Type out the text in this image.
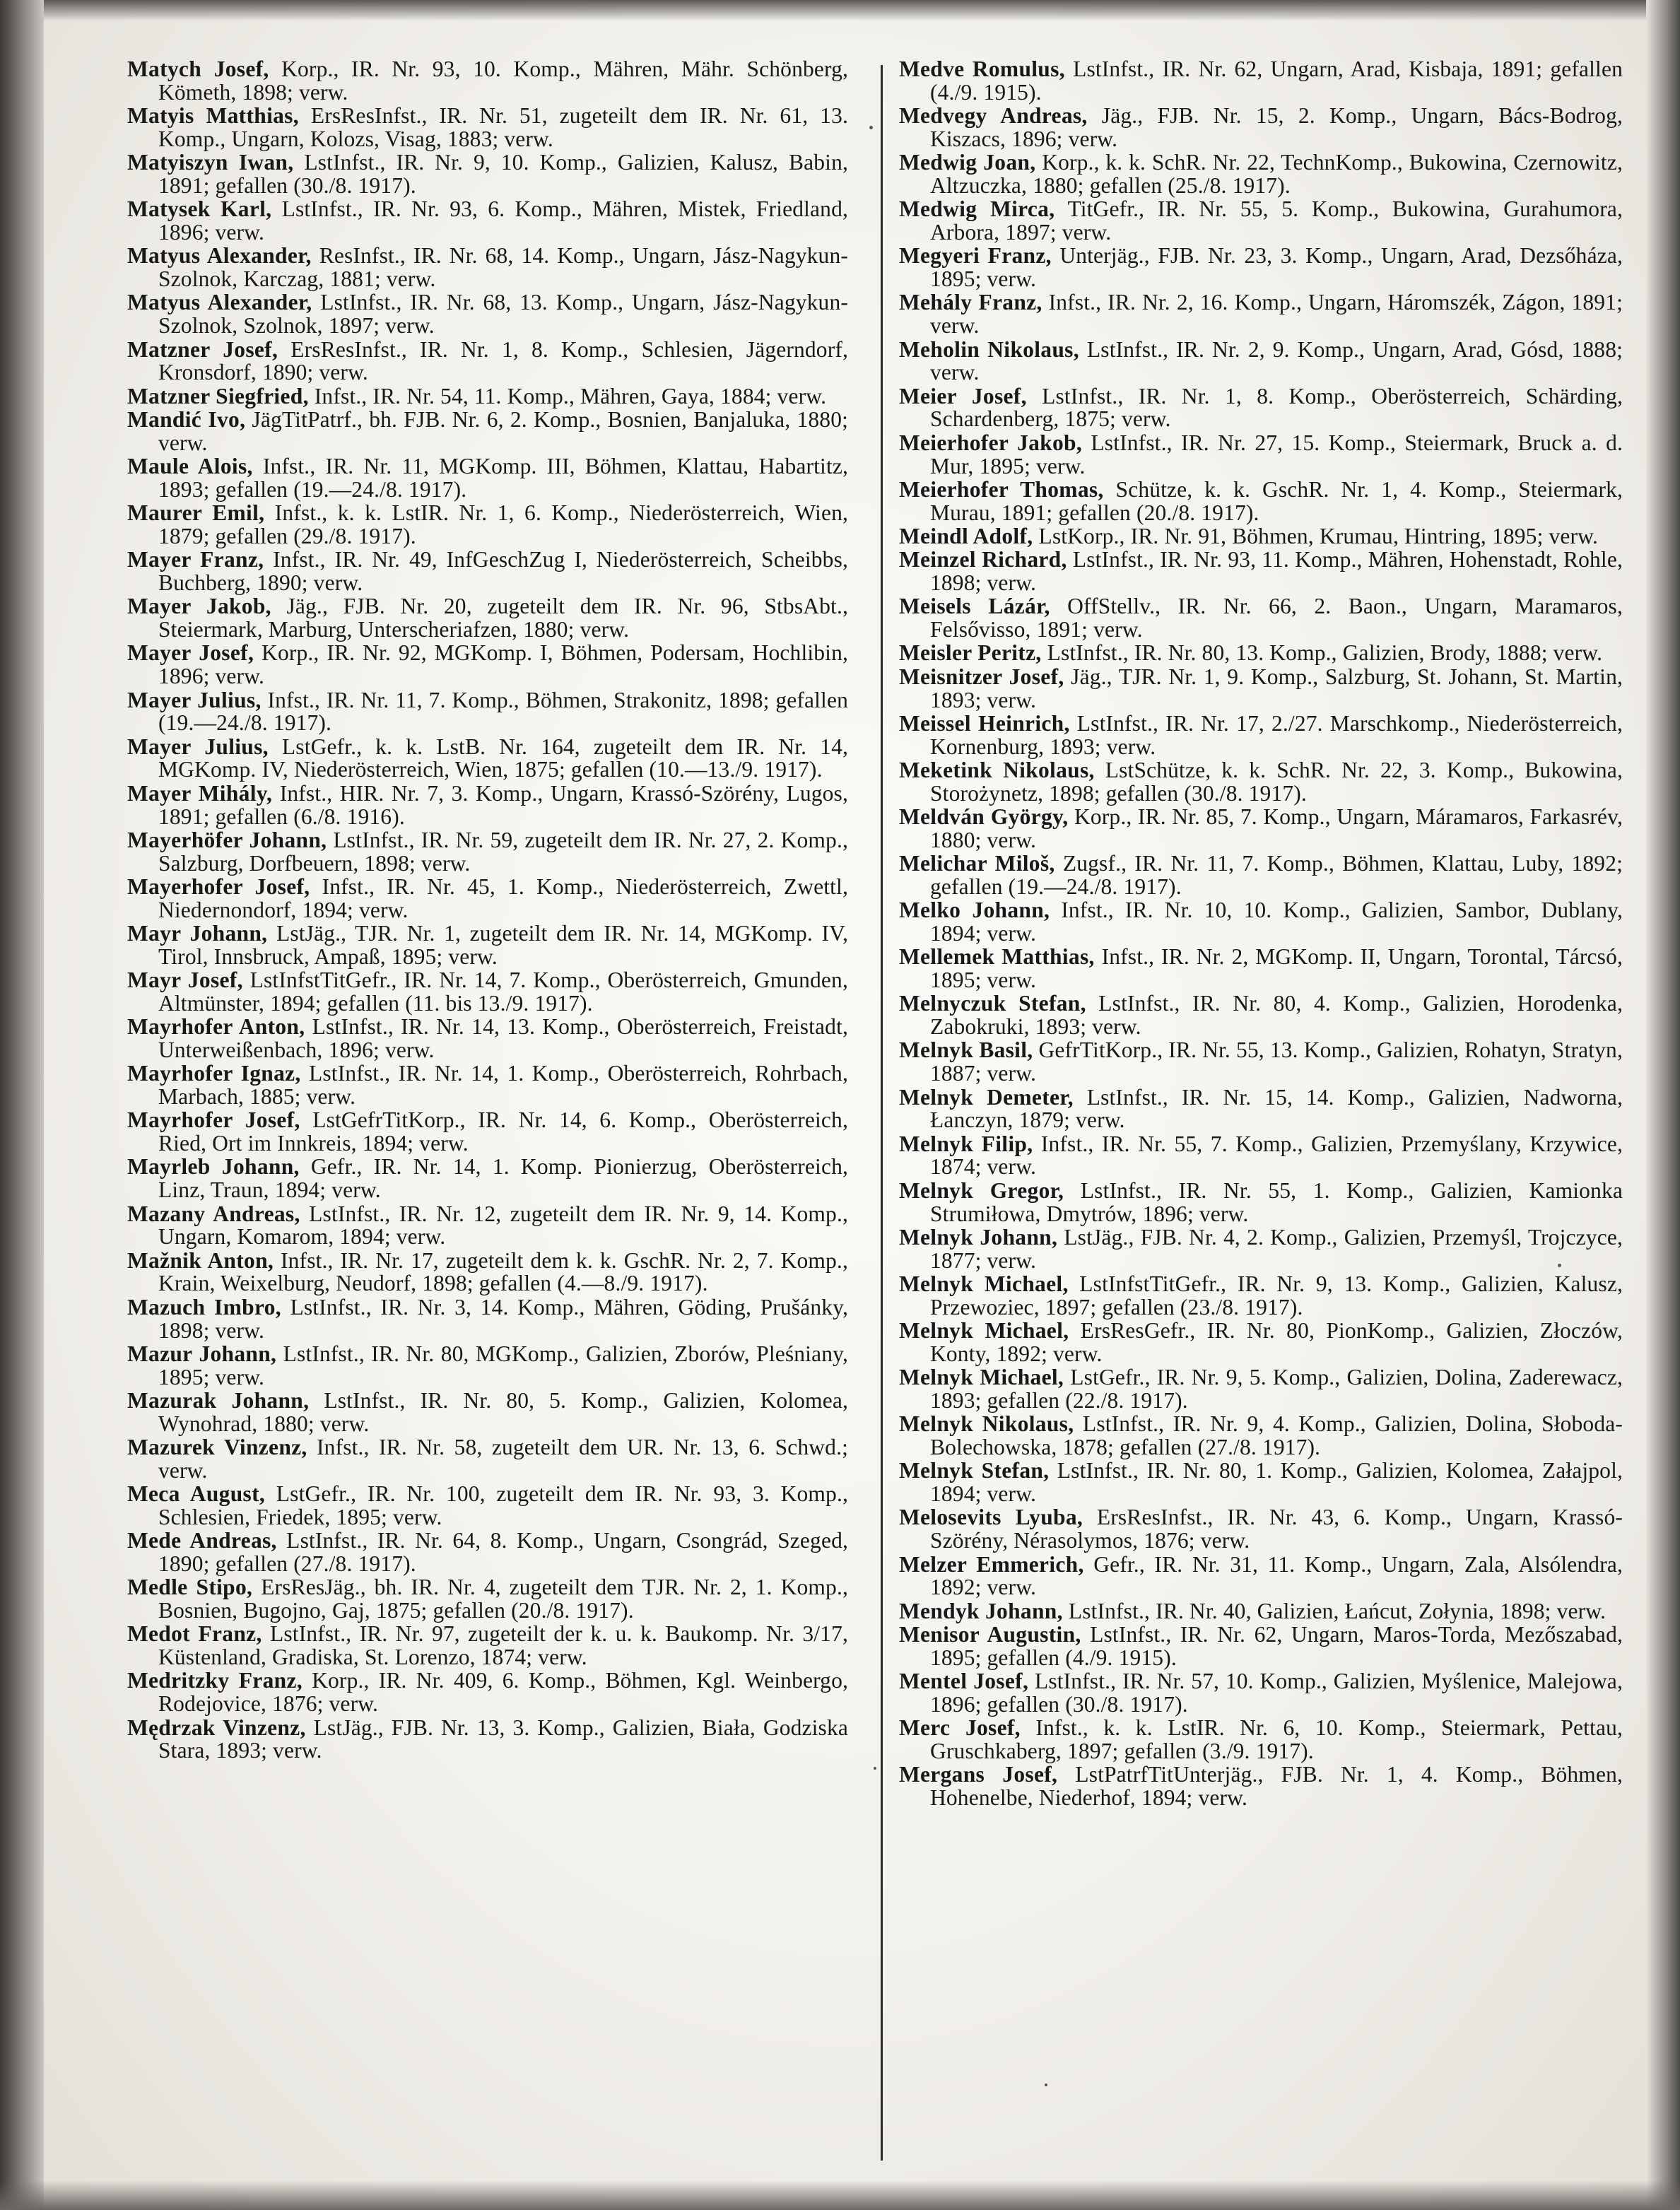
Matych Josef, Korp., IR. Nr. 93, 10. Komp., Mähren, Mähr. Schönberg, Kömeth, 1898; verw.

Matyis Matthias, ErsResInfst., IR. Nr. 51, zugeteilt dem IR. Nr. 61, 13. Komp., Ungarn, Kolozs, Visag, 1883; verw.

Matyiszyn Iwan, LstInfst., IR. Nr. 9, 10. Komp., Galizien, Kalusz, Babin, 1891; gefallen (30./8. 1917).

Matysek Karl, LstInfst., IR. Nr. 93, 6. Komp., Mähren, Mistek, Friedland, 1896; verw.

Matyus Alexander, ResInfst., IR. Nr. 68, 14. Komp., Ungarn, Jász-Nagykun-Szolnok, Karczag, 1881; verw.

Matyus Alexander, LstInfst., IR. Nr. 68, 13. Komp., Ungarn, Jász-Nagykun-Szolnok, Szolnok, 1897; verw.

Matzner Josef, ErsResInfst., IR. Nr. 1, 8. Komp., Schlesien, Jägerndorf, Kronsdorf, 1890; verw.

Matzner Siegfried, Infst., IR. Nr. 54, 11. Komp., Mähren, Gaya, 1884; verw.

Mandić Ivo, JägTitPatrf., bh. FJB. Nr. 6, 2. Komp., Bosnien, Banjaluka, 1880; verw.

Maule Alois, Infst., IR. Nr. 11, MGKomp. III, Böhmen, Klattau, Habartitz, 1893; gefallen (19.—24./8. 1917).

Maurer Emil, Infst., k. k. LstIR. Nr. 1, 6. Komp., Niederösterreich, Wien, 1879; gefallen (29./8. 1917).

Mayer Franz, Infst., IR. Nr. 49, InfGeschZug I, Niederösterreich, Scheibbs, Buchberg, 1890; verw.

Mayer Jakob, Jäg., FJB. Nr. 20, zugeteilt dem IR. Nr. 96, StbsAbt., Steiermark, Marburg, Unterscheriafzen, 1880; verw.

Mayer Josef, Korp., IR. Nr. 92, MGKomp. I, Böhmen, Podersam, Hochlibin, 1896; verw.

Mayer Julius, Infst., IR. Nr. 11, 7. Komp., Böhmen, Strakonitz, 1898; gefallen (19.—24./8. 1917).

Mayer Julius, LstGefr., k. k. LstB. Nr. 164, zugeteilt dem IR. Nr. 14, MGKomp. IV, Niederösterreich, Wien, 1875; gefallen (10.—13./9. 1917).

Mayer Mihály, Infst., HIR. Nr. 7, 3. Komp., Ungarn, Krassó-Szörény, Lugos, 1891; gefallen (6./8. 1916).

Mayerhöfer Johann, LstInfst., IR. Nr. 59, zugeteilt dem IR. Nr. 27, 2. Komp., Salzburg, Dorfbeuern, 1898; verw.

Mayerhofer Josef, Infst., IR. Nr. 45, 1. Komp., Niederösterreich, Zwettl, Niedernondorf, 1894; verw.

Mayr Johann, LstJäg., TJR. Nr. 1, zugeteilt dem IR. Nr. 14, MGKomp. IV, Tirol, Innsbruck, Ampaß, 1895; verw.

Mayr Josef, LstInfstTitGefr., IR. Nr. 14, 7. Komp., Oberösterreich, Gmunden, Altmünster, 1894; gefallen (11. bis 13./9. 1917).

Mayrhofer Anton, LstInfst., IR. Nr. 14, 13. Komp., Oberösterreich, Freistadt, Unterweißenbach, 1896; verw.

Mayrhofer Ignaz, LstInfst., IR. Nr. 14, 1. Komp., Oberösterreich, Rohrbach, Marbach, 1885; verw.

Mayrhofer Josef, LstGefrTitKorp., IR. Nr. 14, 6. Komp., Oberösterreich, Ried, Ort im Innkreis, 1894; verw.

Mayrleb Johann, Gefr., IR. Nr. 14, 1. Komp. Pionierzug, Oberösterreich, Linz, Traun, 1894; verw.

Mazany Andreas, LstInfst., IR. Nr. 12, zugeteilt dem IR. Nr. 9, 14. Komp., Ungarn, Komarom, 1894; verw.

Mažnik Anton, Infst., IR. Nr. 17, zugeteilt dem k. k. GschR. Nr. 2, 7. Komp., Krain, Weixelburg, Neudorf, 1898; gefallen (4.—8./9. 1917).

Mazuch Imbro, LstInfst., IR. Nr. 3, 14. Komp., Mähren, Göding, Prušánky, 1898; verw.

Mazur Johann, LstInfst., IR. Nr. 80, MGKomp., Galizien, Zborów, Pleśniany, 1895; verw.

Mazurak Johann, LstInfst., IR. Nr. 80, 5. Komp., Galizien, Kolomea, Wynohrad, 1880; verw.

Mazurek Vinzenz, Infst., IR. Nr. 58, zugeteilt dem UR. Nr. 13, 6. Schwd.; verw.

Meca August, LstGefr., IR. Nr. 100, zugeteilt dem IR. Nr. 93, 3. Komp., Schlesien, Friedek, 1895; verw.

Mede Andreas, LstInfst., IR. Nr. 64, 8. Komp., Ungarn, Csongrád, Szeged, 1890; gefallen (27./8. 1917).

Medle Stipo, ErsResJäg., bh. IR. Nr. 4, zugeteilt dem TJR. Nr. 2, 1. Komp., Bosnien, Bugojno, Gaj, 1875; gefallen (20./8. 1917).

Medot Franz, LstInfst., IR. Nr. 97, zugeteilt der k. u. k. Baukomp. Nr. 3/17, Küstenland, Gradiska, St. Lorenzo, 1874; verw.

Medritzky Franz, Korp., IR. Nr. 409, 6. Komp., Böhmen, Kgl. Weinbergo, Rodejovice, 1876; verw.

Mędrzak Vinzenz, LstJäg., FJB. Nr. 13, 3. Komp., Galizien, Biała, Godziska Stara, 1893; verw.

Medve Romulus, LstInfst., IR. Nr. 62, Ungarn, Arad, Kisbaja, 1891; gefallen (4./9. 1915).

Medvegy Andreas, Jäg., FJB. Nr. 15, 2. Komp., Ungarn, Bács-Bodrog, Kiszacs, 1896; verw.

Medwig Joan, Korp., k. k. SchR. Nr. 22, TechnKomp., Bukowina, Czernowitz, Altzuczka, 1880; gefallen (25./8. 1917).

Medwig Mirca, TitGefr., IR. Nr. 55, 5. Komp., Bukowina, Gurahumora, Arbora, 1897; verw.

Megyeri Franz, Unterjäg., FJB. Nr. 23, 3. Komp., Ungarn, Arad, Dezsőháza, 1895; verw.

Mehály Franz, Infst., IR. Nr. 2, 16. Komp., Ungarn, Háromszék, Zágon, 1891; verw.

Meholin Nikolaus, LstInfst., IR. Nr. 2, 9. Komp., Ungarn, Arad, Gósd, 1888; verw.

Meier Josef, LstInfst., IR. Nr. 1, 8. Komp., Oberösterreich, Schärding, Schardenberg, 1875; verw.

Meierhofer Jakob, LstInfst., IR. Nr. 27, 15. Komp., Steiermark, Bruck a. d. Mur, 1895; verw.

Meierhofer Thomas, Schütze, k. k. GschR. Nr. 1, 4. Komp., Steiermark, Murau, 1891; gefallen (20./8. 1917).

Meindl Adolf, LstKorp., IR. Nr. 91, Böhmen, Krumau, Hintring, 1895; verw.

Meinzel Richard, LstInfst., IR. Nr. 93, 11. Komp., Mähren, Hohenstadt, Rohle, 1898; verw.

Meisels Lázár, OffStellv., IR. Nr. 66, 2. Baon., Ungarn, Maramaros, Felsővisso, 1891; verw.

Meisler Peritz, LstInfst., IR. Nr. 80, 13. Komp., Galizien, Brody, 1888; verw.

Meisnitzer Josef, Jäg., TJR. Nr. 1, 9. Komp., Salzburg, St. Johann, St. Martin, 1893; verw.

Meissel Heinrich, LstInfst., IR. Nr. 17, 2./27. Marschkomp., Niederösterreich, Kornenburg, 1893; verw.

Meketink Nikolaus, LstSchütze, k. k. SchR. Nr. 22, 3. Komp., Bukowina, Storożynetz, 1898; gefallen (30./8. 1917).

Meldván György, Korp., IR. Nr. 85, 7. Komp., Ungarn, Máramaros, Farkasrév, 1880; verw.

Melichar Miloš, Zugsf., IR. Nr. 11, 7. Komp., Böhmen, Klattau, Luby, 1892; gefallen (19.—24./8. 1917).

Melko Johann, Infst., IR. Nr. 10, 10. Komp., Galizien, Sambor, Dublany, 1894; verw.

Mellemek Matthias, Infst., IR. Nr. 2, MGKomp. II, Ungarn, Torontal, Tárcsó, 1895; verw.

Melnyczuk Stefan, LstInfst., IR. Nr. 80, 4. Komp., Galizien, Horodenka, Zabokruki, 1893; verw.

Melnyk Basil, GefrTitKorp., IR. Nr. 55, 13. Komp., Galizien, Rohatyn, Stratyn, 1887; verw.

Melnyk Demeter, LstInfst., IR. Nr. 15, 14. Komp., Galizien, Nadworna, Łanczyn, 1879; verw.

Melnyk Filip, Infst., IR. Nr. 55, 7. Komp., Galizien, Przemyślany, Krzywice, 1874; verw.

Melnyk Gregor, LstInfst., IR. Nr. 55, 1. Komp., Galizien, Kamionka Strumiłowa, Dmytrów, 1896; verw.

Melnyk Johann, LstJäg., FJB. Nr. 4, 2. Komp., Galizien, Przemyśl, Trojczyce, 1877; verw.

Melnyk Michael, LstInfstTitGefr., IR. Nr. 9, 13. Komp., Galizien, Kalusz, Przewoziec, 1897; gefallen (23./8. 1917).

Melnyk Michael, ErsResGefr., IR. Nr. 80, PionKomp., Galizien, Złoczów, Konty, 1892; verw.

Melnyk Michael, LstGefr., IR. Nr. 9, 5. Komp., Galizien, Dolina, Zaderewacz, 1893; gefallen (22./8. 1917).

Melnyk Nikolaus, LstInfst., IR. Nr. 9, 4. Komp., Galizien, Dolina, Słoboda-Bolechowska, 1878; gefallen (27./8. 1917).

Melnyk Stefan, LstInfst., IR. Nr. 80, 1. Komp., Galizien, Kolomea, Załajpol, 1894; verw.

Melosevits Lyuba, ErsResInfst., IR. Nr. 43, 6. Komp., Ungarn, Krassó-Szörény, Nérasolymos, 1876; verw.

Melzer Emmerich, Gefr., IR. Nr. 31, 11. Komp., Ungarn, Zala, Alsólendra, 1892; verw.

Mendyk Johann, LstInfst., IR. Nr. 40, Galizien, Łańcut, Zołynia, 1898; verw.

Menisor Augustin, LstInfst., IR. Nr. 62, Ungarn, Maros-Torda, Mezőszabad, 1895; gefallen (4./9. 1915).

Mentel Josef, LstInfst., IR. Nr. 57, 10. Komp., Galizien, Myślenice, Malejowa, 1896; gefallen (30./8. 1917).

Merc Josef, Infst., k. k. LstIR. Nr. 6, 10. Komp., Steiermark, Pettau, Gruschkaberg, 1897; gefallen (3./9. 1917).

Mergans Josef, LstPatrfTitUnterjäg., FJB. Nr. 1, 4. Komp., Böhmen, Hohenelbe, Niederhof, 1894; verw.
